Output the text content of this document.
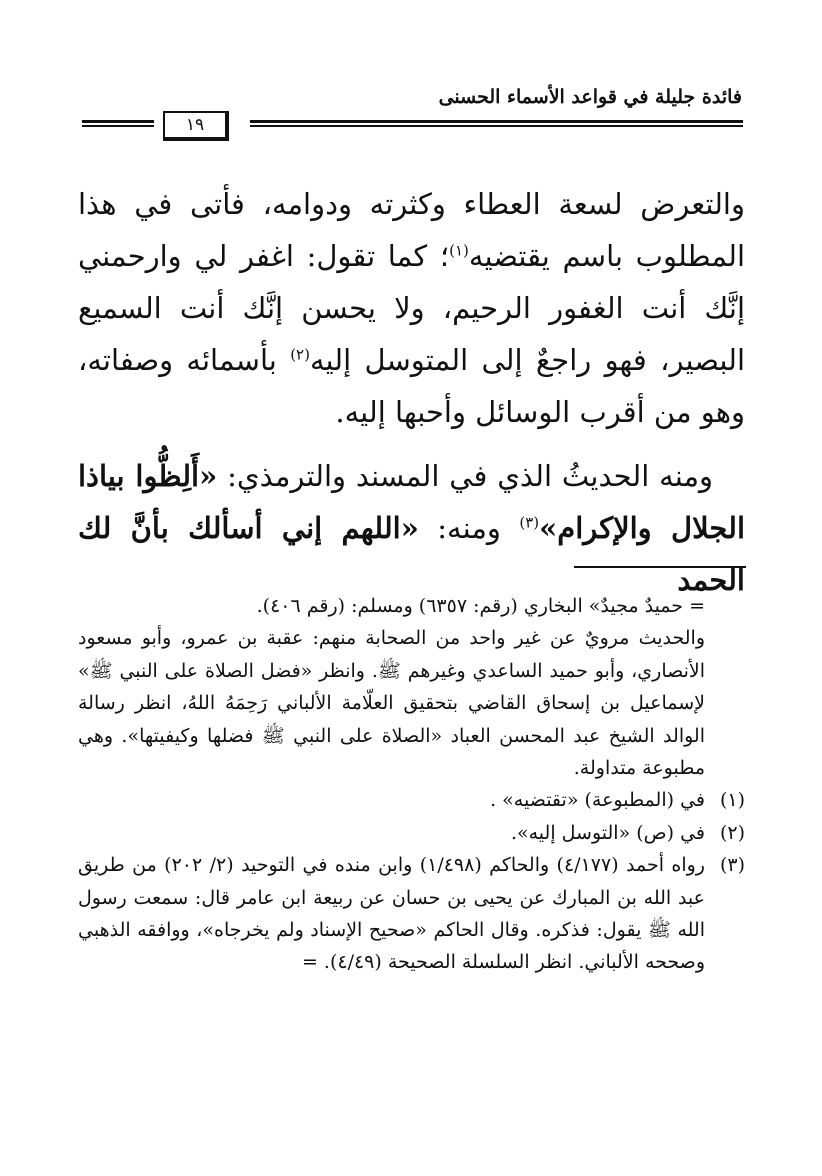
فائدة جليلة في قواعد الأسماء الحسنى
١٩

والتعرض لسعة العطاء وكثرته ودوامه، فأتى في هذا المطلوب باسم يقتضيه$^{(١)}$؛ كما تقول: اغفر لي وارحمني إنَّك أنت الغفور الرحيم، ولا يحسن إنَّك أنت السميع البصير، فهو راجعٌ إلى المتوسل إليه$^{(٢)}$ بأسمائه وصفاته، وهو من أقرب الوسائل وأحبها إليه.

ومنه الحديثُ الذي في المسند والترمذي: «أَلِظُّوا بياذا الجلال والإكرام»$^{(٣)}$ ومنه: «اللهم إني أسألك بأنَّ لك الحمد

= حميدٌ مجيدٌ» البخاري (رقم: ٦٣٥٧) ومسلم: (رقم ٤٠٦).

والحديث مرويٌ عن غير واحد من الصحابة منهم: عقبة بن عمرو، وأبو مسعود الأنصاري، وأبو حميد الساعدي وغيرهم ﷺ. وانظر «فضل الصلاة على النبي ﷺ» لإسماعيل بن إسحاق القاضي بتحقيق العلّامة الألباني رَحِمَهُ اللهُ، انظر رسالة الوالد الشيخ عبد المحسن العباد «الصلاة على النبي ﷺ فضلها وكيفيتها». وهي مطبوعة متداولة.

(١)
في (المطبوعة) «تقتضيه» .
(٢)
في (ص) «التوسل إليه».
(٣)
رواه أحمد (٤/١٧٧) والحاكم (١/٤٩٨) وابن منده في التوحيد (٢/ ٢٠٢) من طريق عبد الله بن المبارك عن يحيى بن حسان عن ربيعة ابن عامر قال: سمعت رسول الله ﷺ يقول: فذكره. وقال الحاكم «صحيح الإسناد ولم يخرجاه»، ووافقه الذهبي وصححه الألباني. انظر السلسلة الصحيحة (٤/٤٩). =
